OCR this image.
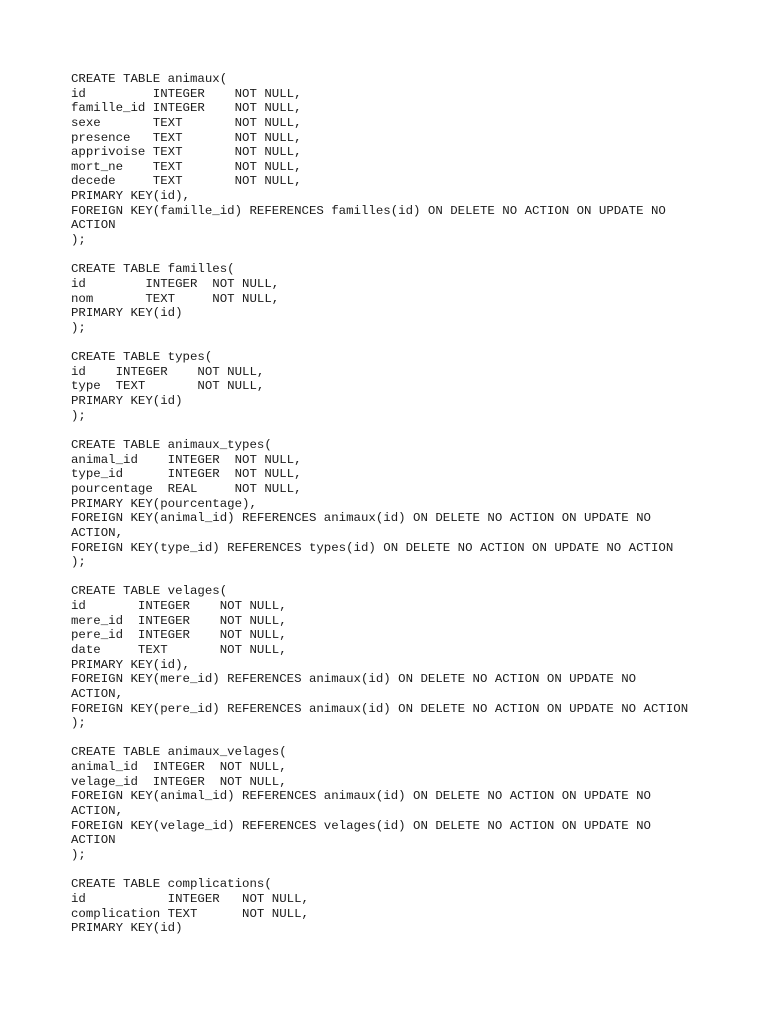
CREATE TABLE animaux(
id         INTEGER    NOT NULL,
famille_id INTEGER    NOT NULL,
sexe       TEXT       NOT NULL,
presence   TEXT       NOT NULL,
apprivoise TEXT       NOT NULL,
mort_ne    TEXT       NOT NULL,
decede     TEXT       NOT NULL,
PRIMARY KEY(id),
FOREIGN KEY(famille_id) REFERENCES familles(id) ON DELETE NO ACTION ON UPDATE NO
ACTION
);
CREATE TABLE familles(
id        INTEGER  NOT NULL,
nom       TEXT     NOT NULL,
PRIMARY KEY(id)
);
CREATE TABLE types(
id    INTEGER    NOT NULL,
type  TEXT       NOT NULL,
PRIMARY KEY(id)
);
CREATE TABLE animaux_types(
animal_id    INTEGER  NOT NULL,
type_id      INTEGER  NOT NULL,
pourcentage  REAL     NOT NULL,
PRIMARY KEY(pourcentage),
FOREIGN KEY(animal_id) REFERENCES animaux(id) ON DELETE NO ACTION ON UPDATE NO
ACTION,
FOREIGN KEY(type_id) REFERENCES types(id) ON DELETE NO ACTION ON UPDATE NO ACTION
);
CREATE TABLE velages(
id       INTEGER    NOT NULL,
mere_id  INTEGER    NOT NULL,
pere_id  INTEGER    NOT NULL,
date     TEXT       NOT NULL,
PRIMARY KEY(id),
FOREIGN KEY(mere_id) REFERENCES animaux(id) ON DELETE NO ACTION ON UPDATE NO
ACTION,
FOREIGN KEY(pere_id) REFERENCES animaux(id) ON DELETE NO ACTION ON UPDATE NO ACTION
);
CREATE TABLE animaux_velages(
animal_id  INTEGER  NOT NULL,
velage_id  INTEGER  NOT NULL,
FOREIGN KEY(animal_id) REFERENCES animaux(id) ON DELETE NO ACTION ON UPDATE NO
ACTION,
FOREIGN KEY(velage_id) REFERENCES velages(id) ON DELETE NO ACTION ON UPDATE NO
ACTION
);
CREATE TABLE complications(
id           INTEGER   NOT NULL,
complication TEXT      NOT NULL,
PRIMARY KEY(id)
